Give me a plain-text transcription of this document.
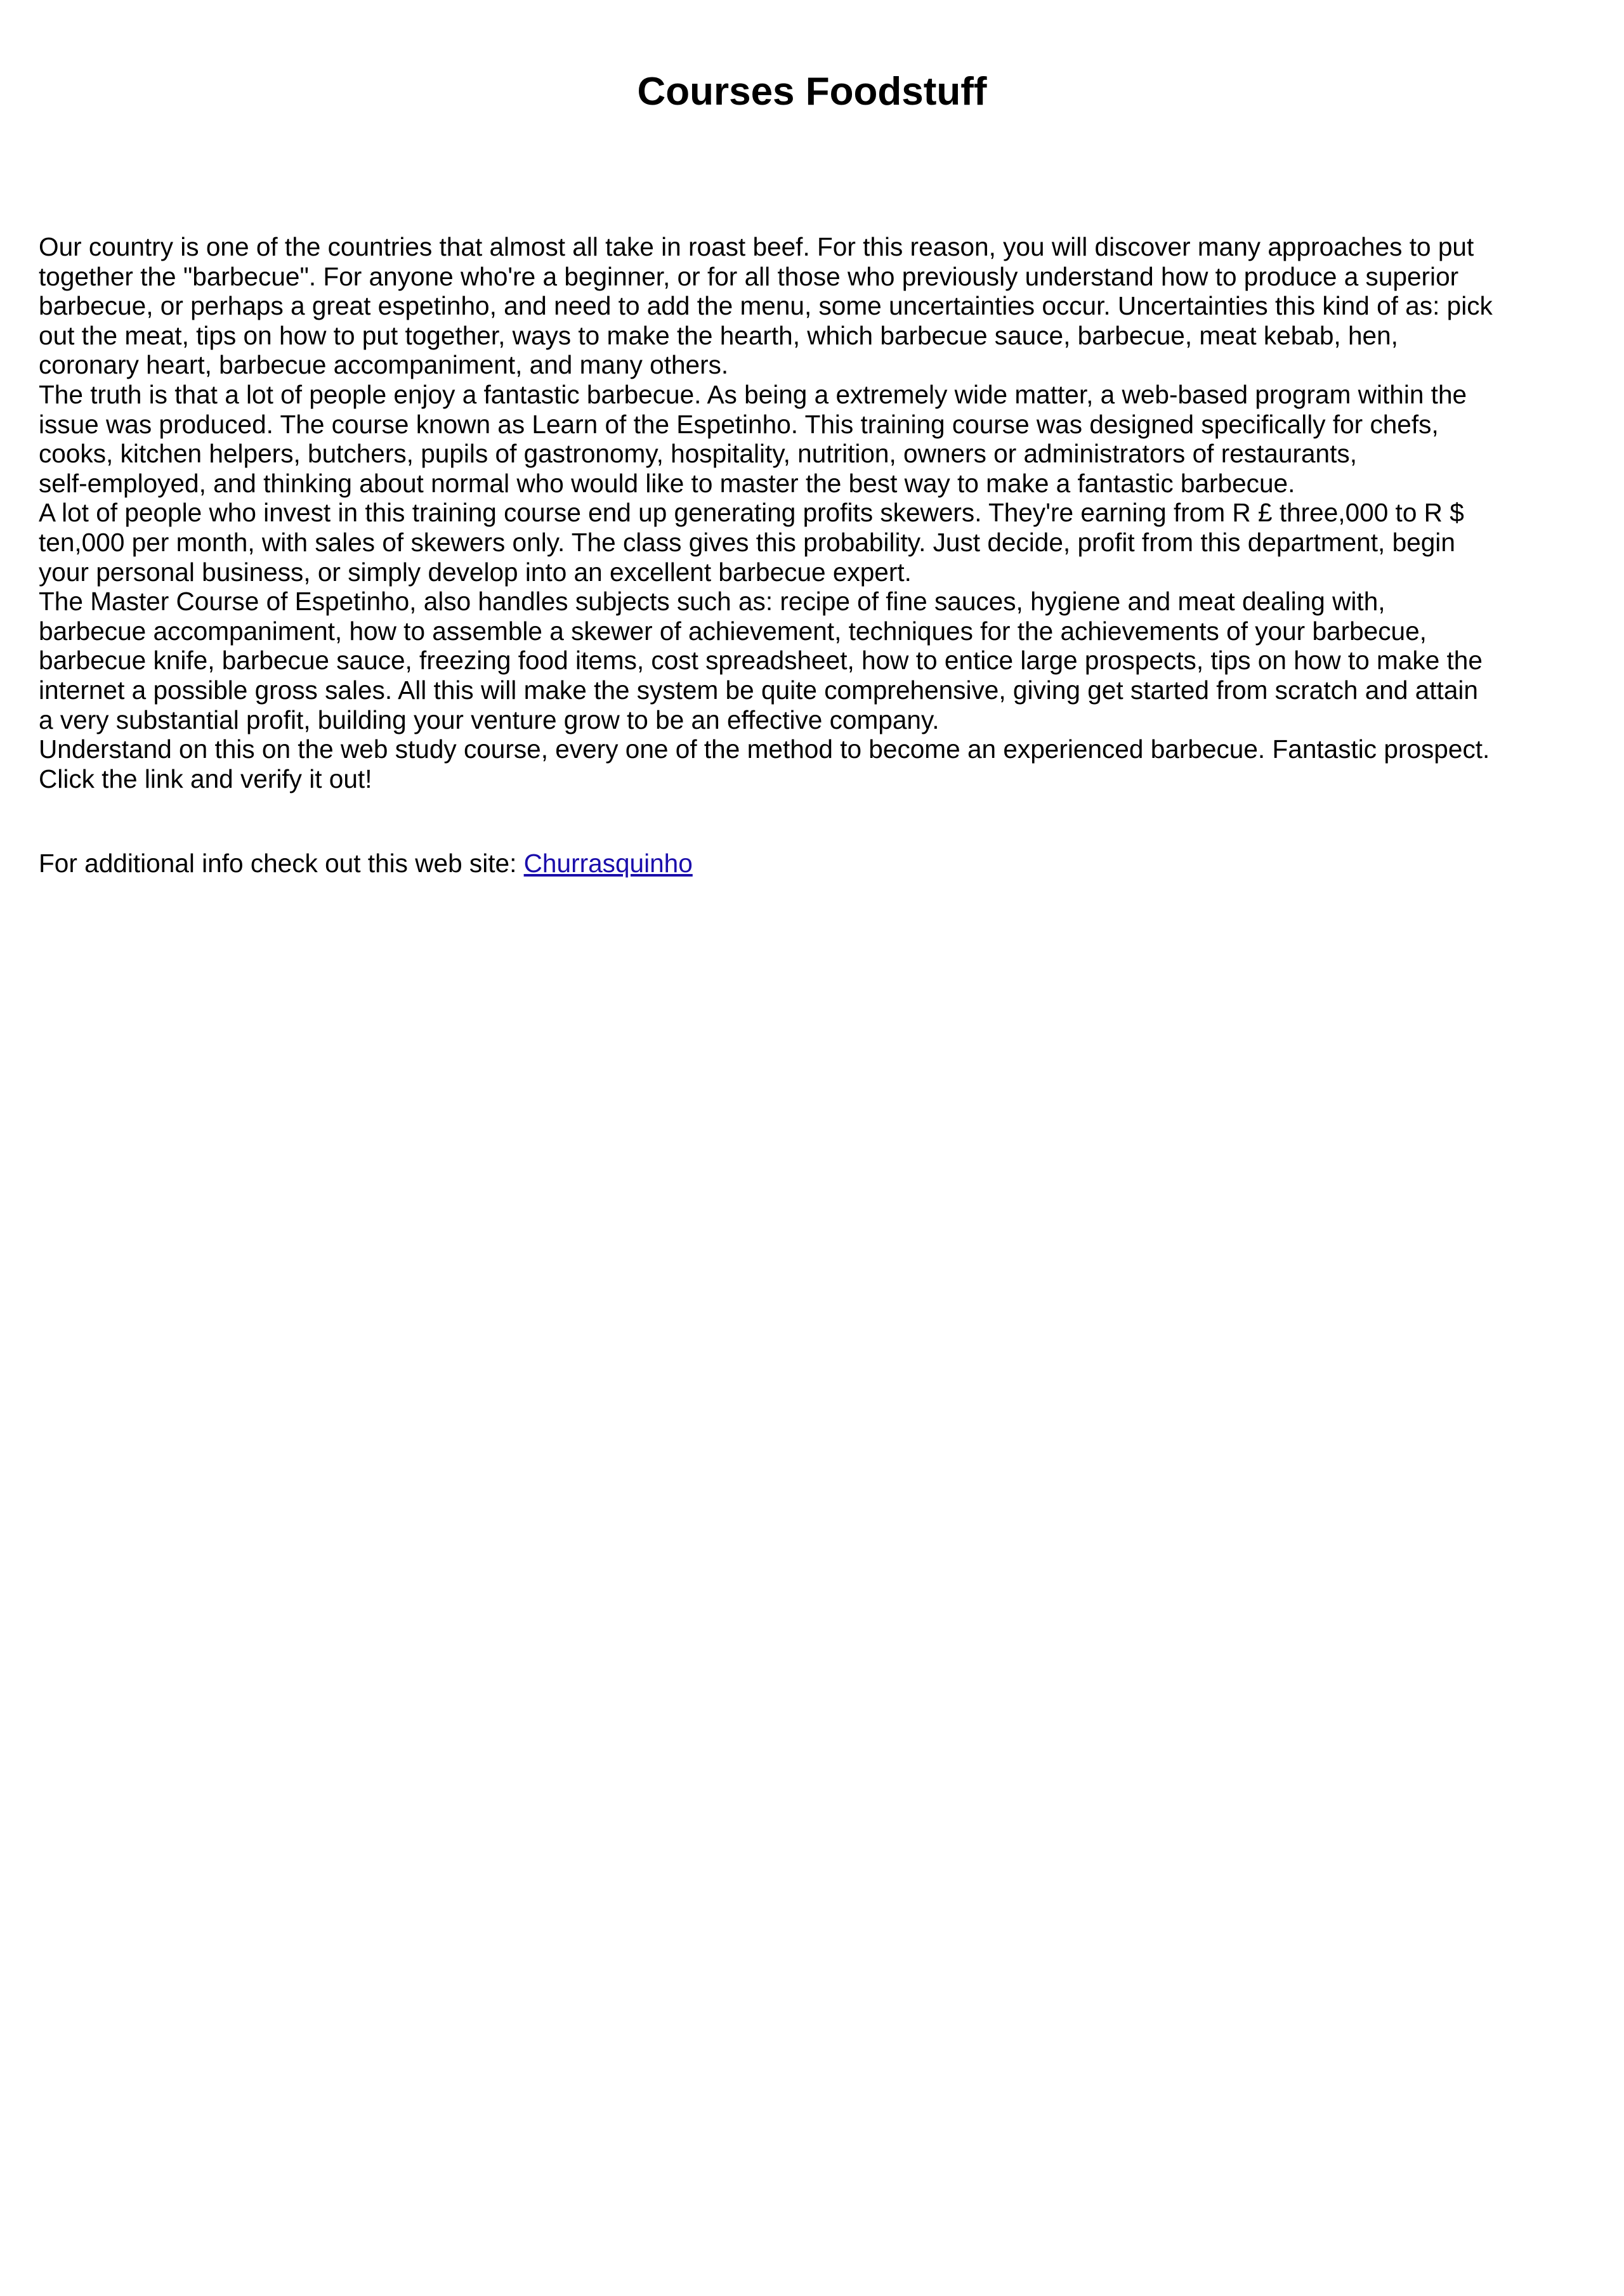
Courses Foodstuff

Our country is one of the countries that almost all take in roast beef. For this reason, you will discover many approaches to put
together the "barbecue". For anyone who're a beginner, or for all those who previously understand how to produce a superior
barbecue, or perhaps a great espetinho, and need to add the menu, some uncertainties occur. Uncertainties this kind of as: pick
out the meat, tips on how to put together, ways to make the hearth, which barbecue sauce, barbecue, meat kebab, hen,
coronary heart, barbecue accompaniment, and many others.

The truth is that a lot of people enjoy a fantastic barbecue. As being a extremely wide matter, a web-based program within the
issue was produced. The course known as Learn of the Espetinho. This training course was designed specifically for chefs,
cooks, kitchen helpers, butchers, pupils of gastronomy, hospitality, nutrition, owners or administrators of restaurants,
self-employed, and thinking about normal who would like to master the best way to make a fantastic barbecue.

A lot of people who invest in this training course end up generating profits skewers. They're earning from R £ three,000 to R $
ten,000 per month, with sales of skewers only. The class gives this probability. Just decide, profit from this department, begin
your personal business, or simply develop into an excellent barbecue expert.

The Master Course of Espetinho, also handles subjects such as: recipe of fine sauces, hygiene and meat dealing with,
barbecue accompaniment, how to assemble a skewer of achievement, techniques for the achievements of your barbecue,
barbecue knife, barbecue sauce, freezing food items, cost spreadsheet, how to entice large prospects, tips on how to make the
internet a possible gross sales. All this will make the system be quite comprehensive, giving get started from scratch and attain
a very substantial profit, building your venture grow to be an effective company.

Understand on this on the web study course, every one of the method to become an experienced barbecue. Fantastic prospect.
Click the link and verify it out!

For additional info check out this web site: Churrasquinho
